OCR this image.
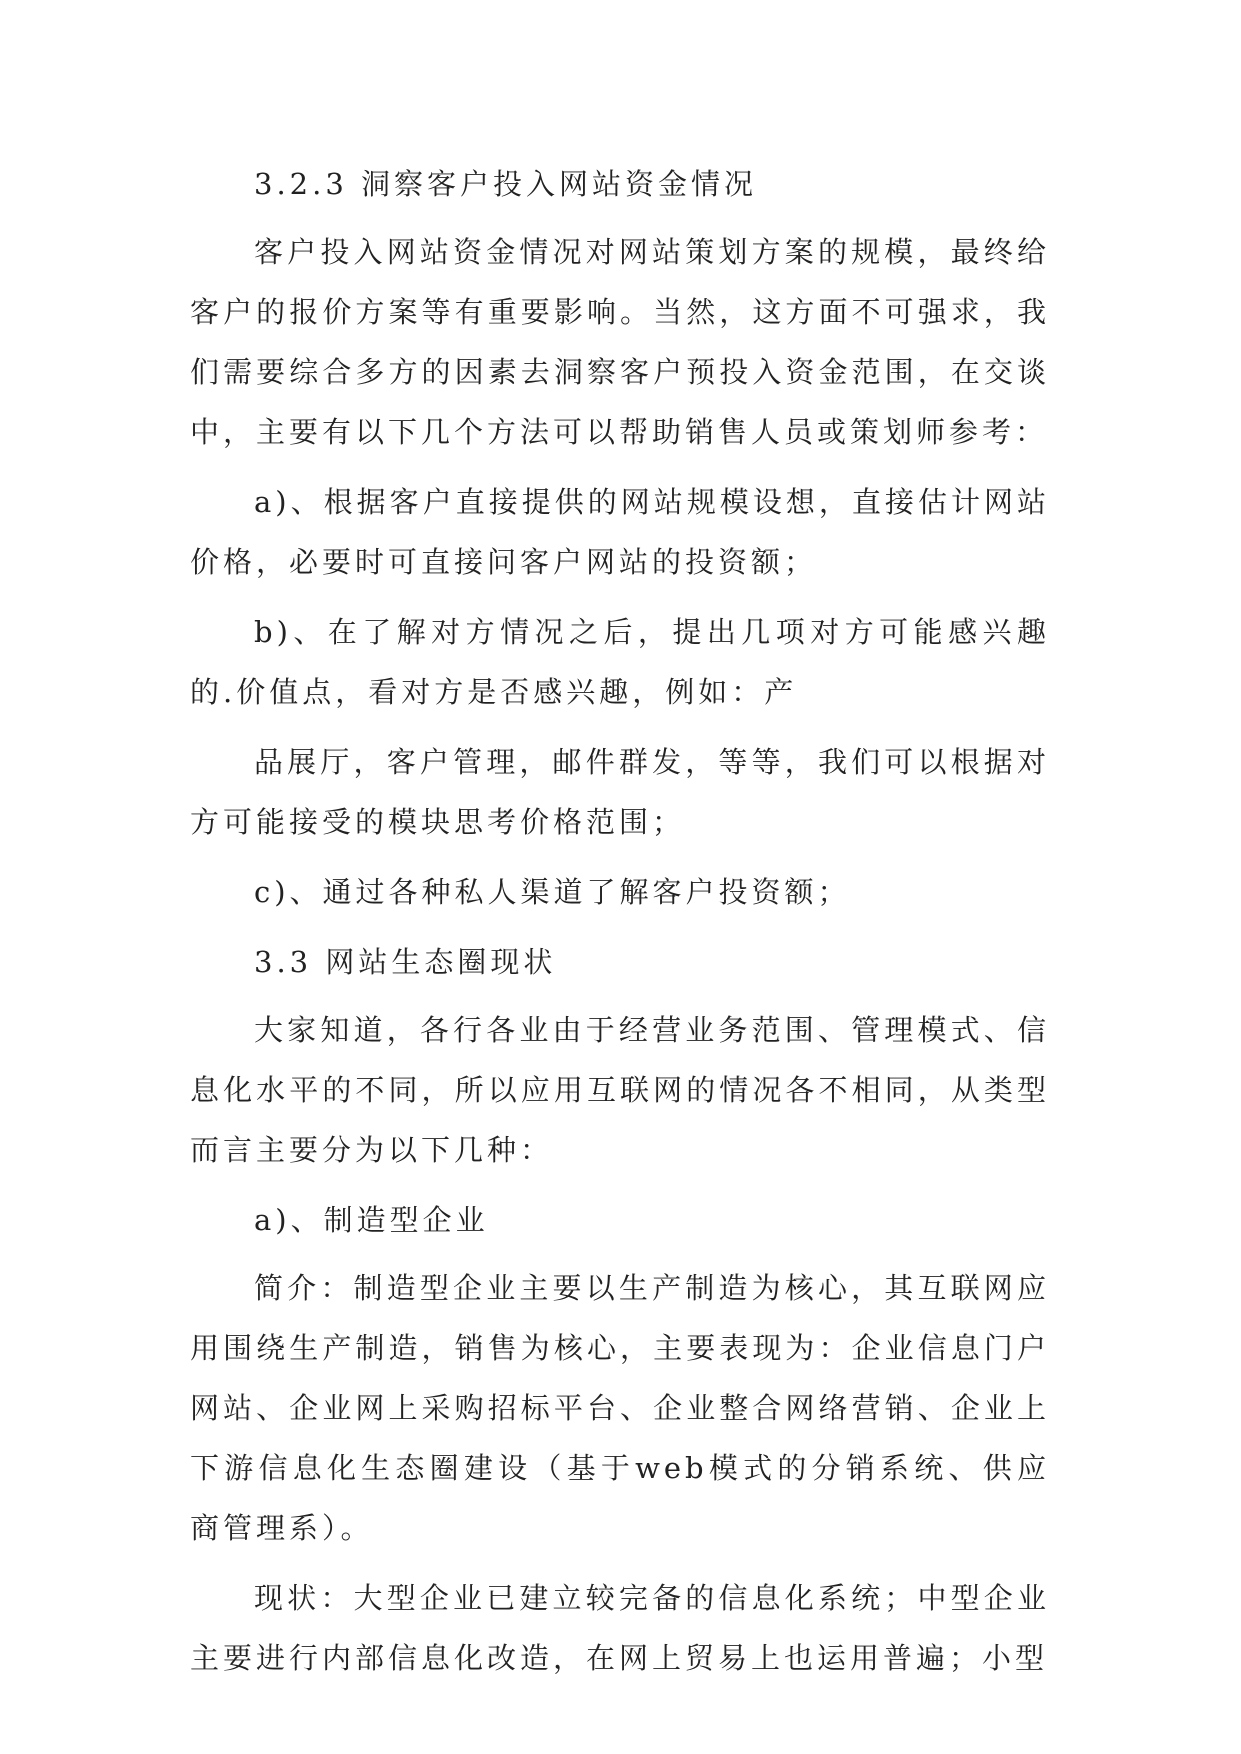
3.2.3 洞察客户投入网站资金情况

客户投入网站资金情况对网站策划方案的规模，最终给客户的报价方案等有重要影响。当然，这方面不可强求，我们需要综合多方的因素去洞察客户预投入资金范围，在交谈中，主要有以下几个方法可以帮助销售人员或策划师参考：

a)、根据客户直接提供的网站规模设想，直接估计网站价格，必要时可直接问客户网站的投资额；

b)、在了解对方情况之后，提出几项对方可能感兴趣的.价值点，看对方是否感兴趣，例如：产

品展厅，客户管理，邮件群发，等等，我们可以根据对方可能接受的模块思考价格范围；

c)、通过各种私人渠道了解客户投资额；

3.3 网站生态圈现状

大家知道，各行各业由于经营业务范围、管理模式、信息化水平的不同，所以应用互联网的情况各不相同，从类型而言主要分为以下几种：

a)、制造型企业

简介：制造型企业主要以生产制造为核心，其互联网应用围绕生产制造，销售为核心，主要表现为：企业信息门户网站、企业网上采购招标平台、企业整合网络营销、企业上下游信息化生态圈建设（基于web模式的分销系统、供应商管理系）。

现状：大型企业已建立较完备的信息化系统；中型企业主要进行内部信息化改造，在网上贸易上也运用普遍；小型
